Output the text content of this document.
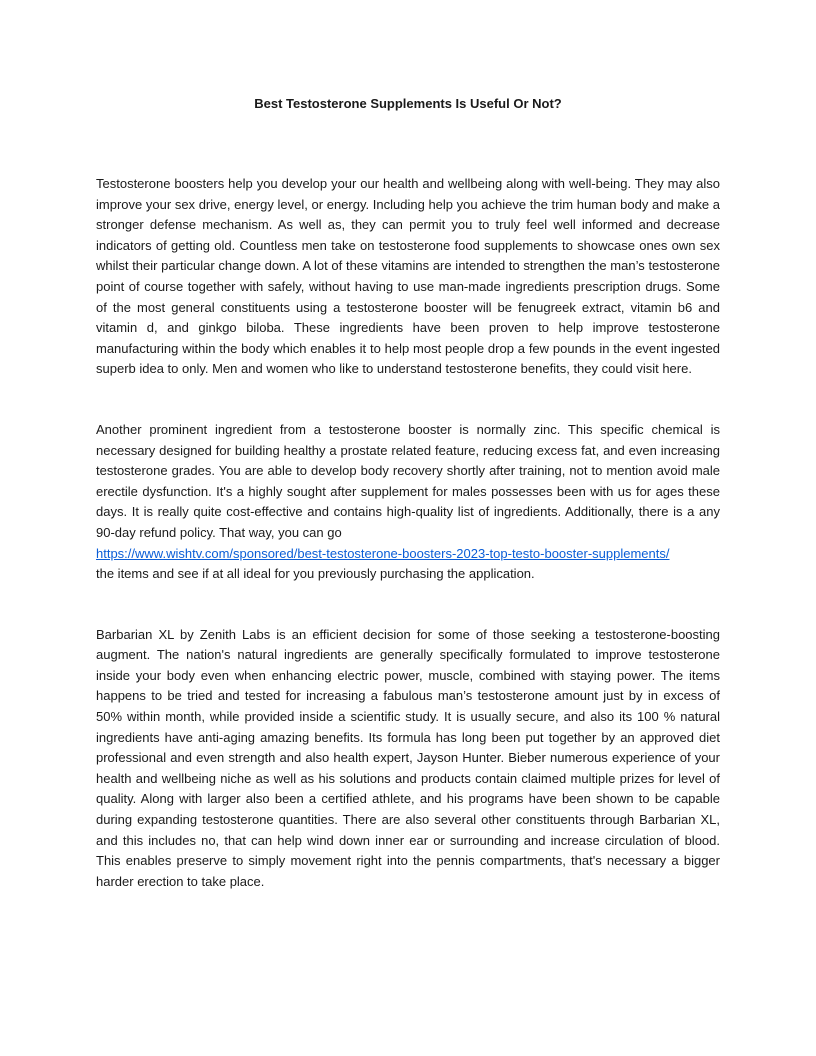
Best Testosterone Supplements Is Useful Or Not?

Testosterone boosters help you develop your our health and wellbeing along with well-being. They may also improve your sex drive, energy level, or energy. Including help you achieve the trim human body and make a stronger defense mechanism. As well as, they can permit you to truly feel well informed and decrease indicators of getting old. Countless men take on testosterone food supplements to showcase ones own sex whilst their particular change down. A lot of these vitamins are intended to strengthen the man’s testosterone point of course together with safely, without having to use man-made ingredients prescription drugs. Some of the most general constituents using a testosterone booster will be fenugreek extract, vitamin b6 and vitamin d, and ginkgo biloba. These ingredients have been proven to help improve testosterone manufacturing within the body which enables it to help most people drop a few pounds in the event ingested superb idea to only. Men and women who like to understand testosterone benefits, they could visit here.

Another prominent ingredient from a testosterone booster is normally zinc. This specific chemical is necessary designed for building healthy a prostate related feature, reducing excess fat, and even increasing testosterone grades. You are able to develop body recovery shortly after training, not to mention avoid male erectile dysfunction. It's a highly sought after supplement for males possesses been with us for ages these days. It is really quite cost-effective and contains high-quality list of ingredients. Additionally, there is a any 90-day refund policy. That way, you can go
https://www.wishtv.com/sponsored/best-testosterone-boosters-2023-top-testo-booster-supplements/
the items and see if at all ideal for you previously purchasing the application.

Barbarian XL by Zenith Labs is an efficient decision for some of those seeking a testosterone-boosting augment. The nation's natural ingredients are generally specifically formulated to improve testosterone inside your body even when enhancing electric power, muscle, combined with staying power. The items happens to be tried and tested for increasing a fabulous man’s testosterone amount just by in excess of 50% within month, while provided inside a scientific study. It is usually secure, and also its 100 % natural ingredients have anti-aging amazing benefits. Its formula has long been put together by an approved diet professional and even strength and also health expert, Jayson Hunter. Bieber numerous experience of your health and wellbeing niche as well as his solutions and products contain claimed multiple prizes for level of quality. Along with larger also been a certified athlete, and his programs have been shown to be capable during expanding testosterone quantities. There are also several other constituents through Barbarian XL, and this includes no, that can help wind down inner ear or surrounding and increase circulation of blood. This enables preserve to simply movement right into the pennis compartments, that's necessary a bigger harder erection to take place.
